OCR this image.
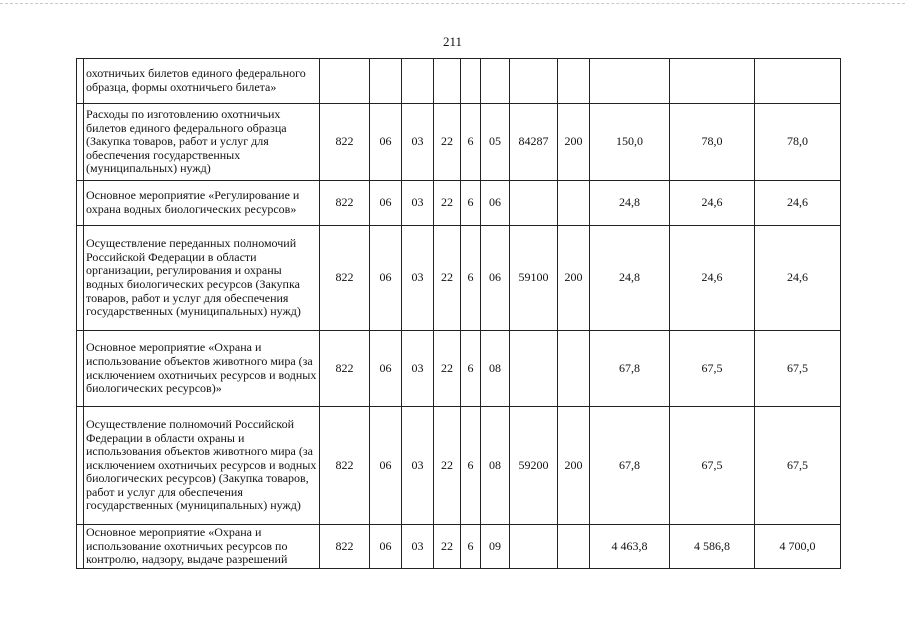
211
	охотничьих билетов единого федерального образца, формы охотничьего билета»											
	Расходы по изготовлению охотничьих билетов единого федерального образца (Закупка товаров, работ и услуг для обеспечения государственных (муниципальных) нужд)	822	06	03	22	6	05	84287	200	150,0	78,0	78,0
	Основное мероприятие «Регулирование и охрана водных биологических ресурсов»	822	06	03	22	6	06			24,8	24,6	24,6
	Осуществление переданных полномочий Российской Федерации в области организации, регулирования и охраны водных биологических ресурсов (Закупка товаров, работ и услуг для обеспечения государственных (муниципальных) нужд)	822	06	03	22	6	06	59100	200	24,8	24,6	24,6
	Основное мероприятие «Охрана и использование объектов животного мира (за исключением охотничьих ресурсов и водных биологических ресурсов)»	822	06	03	22	6	08			67,8	67,5	67,5
	Осуществление полномочий Российской Федерации в области охраны и использования объектов животного мира (за исключением охотничьих ресурсов и водных биологических ресурсов) (Закупка товаров, работ и услуг для обеспечения государственных (муниципальных) нужд)	822	06	03	22	6	08	59200	200	67,8	67,5	67,5
	Основное мероприятие «Охрана и использование охотничьих ресурсов по контролю, надзору, выдаче разрешений	822	06	03	22	6	09			4 463,8	4 586,8	4 700,0
